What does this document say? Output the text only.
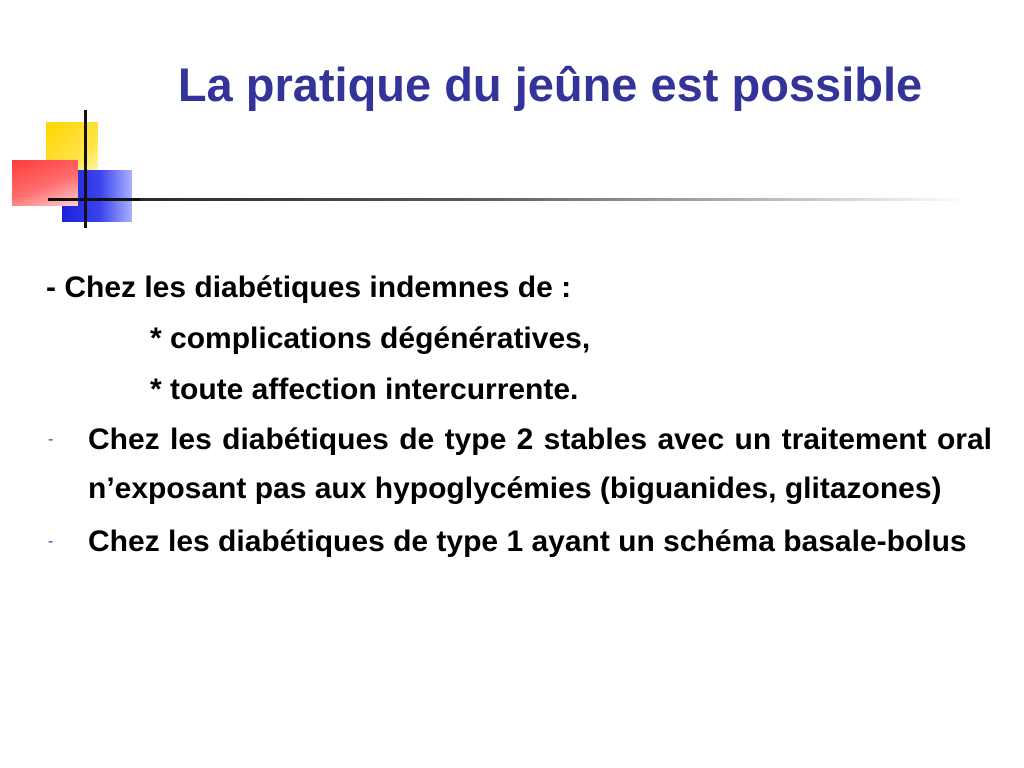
La pratique du jeûne est possible
- Chez les diabétiques indemnes de :
* complications dégénératives,
* toute affection intercurrente.
- Chez les diabétiques de type 2 stables avec un traitement oral n’exposant pas aux hypoglycémies (biguanides, glitazones)
- Chez les diabétiques de type 1 ayant un schéma basale-bolus
